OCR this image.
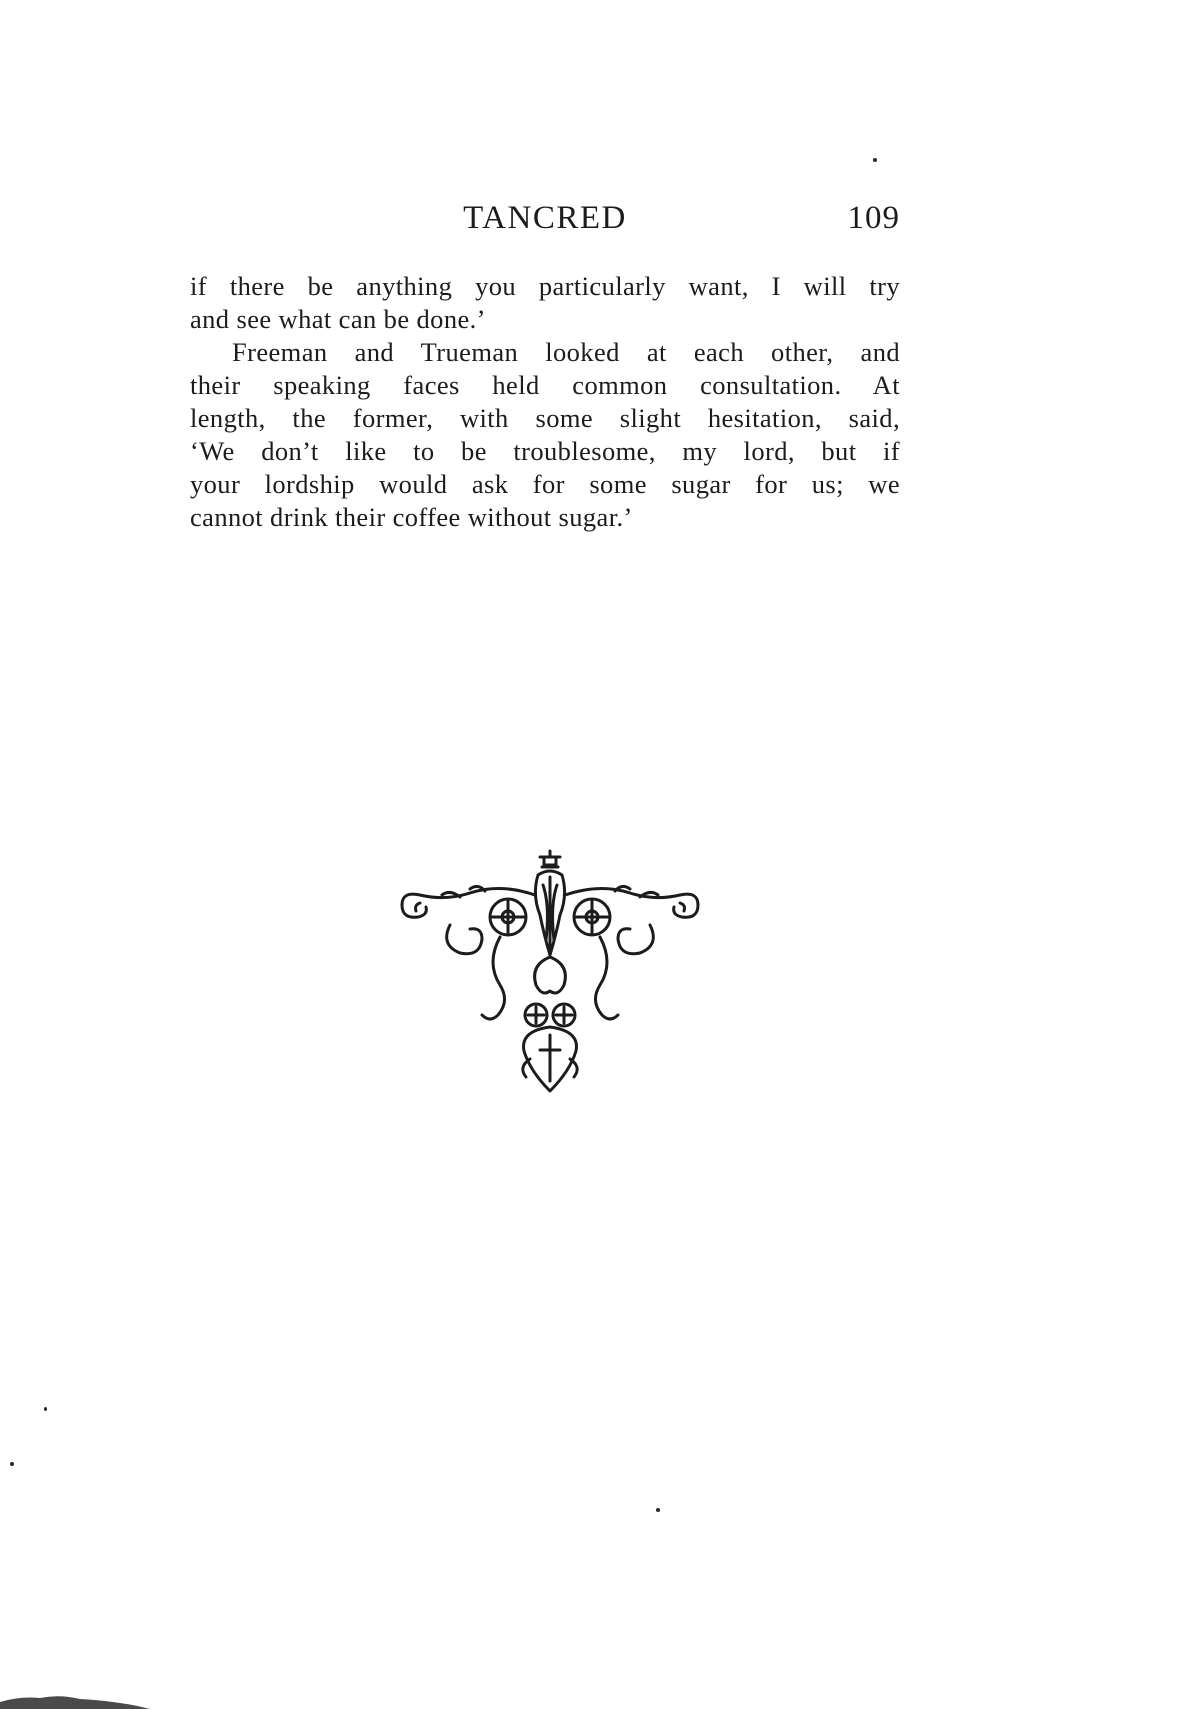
TANCRED	109
if there be anything you particularly want, I will try
and see what can be done.’
Freeman and Trueman looked at each other, and
their speaking faces held common consultation. At
length, the former, with some slight hesitation, said,
‘We don’t like to be troublesome, my lord, but if
your lordship would ask for some sugar for us; we
cannot drink their coffee without sugar.’
